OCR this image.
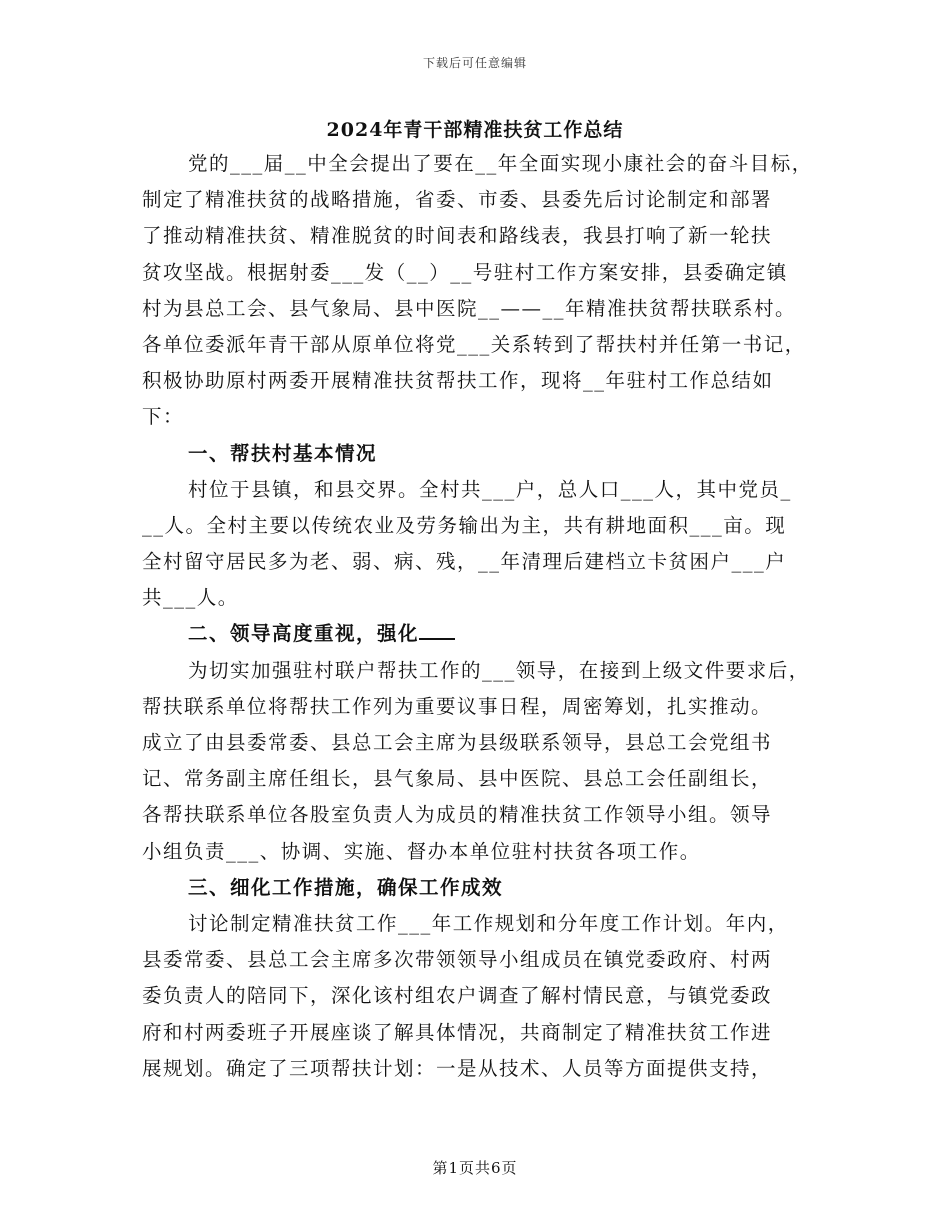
下载后可任意编辑
2024年青干部精准扶贫工作总结
党的___届__中全会提出了要在__年全面实现小康社会的奋斗目标，
制定了精准扶贫的战略措施，省委、市委、县委先后讨论制定和部署
了推动精准扶贫、精准脱贫的时间表和路线表，我县打响了新一轮扶
贫攻坚战。根据射委___发（__）__号驻村工作方案安排，县委确定镇
村为县总工会、县气象局、县中医院__——__年精准扶贫帮扶联系村。
各单位委派年青干部从原单位将党___关系转到了帮扶村并任第一书记，
积极协助原村两委开展精准扶贫帮扶工作，现将__年驻村工作总结如
下：
一、帮扶村基本情况
村位于县镇，和县交界。全村共___户，总人口___人，其中党员_
__人。全村主要以传统农业及劳务输出为主，共有耕地面积___亩。现
全村留守居民多为老、弱、病、残，__年清理后建档立卡贫困户___户
共___人。
二、领导高度重视，强化
为切实加强驻村联户帮扶工作的___领导，在接到上级文件要求后，
帮扶联系单位将帮扶工作列为重要议事日程，周密筹划，扎实推动。
成立了由县委常委、县总工会主席为县级联系领导，县总工会党组书
记、常务副主席任组长，县气象局、县中医院、县总工会任副组长，
各帮扶联系单位各股室负责人为成员的精准扶贫工作领导小组。领导
小组负责___、协调、实施、督办本单位驻村扶贫各项工作。
三、细化工作措施，确保工作成效
讨论制定精准扶贫工作___年工作规划和分年度工作计划。年内，
县委常委、县总工会主席多次带领领导小组成员在镇党委政府、村两
委负责人的陪同下，深化该村组农户调查了解村情民意，与镇党委政
府和村两委班子开展座谈了解具体情况，共商制定了精准扶贫工作进
展规划。确定了三项帮扶计划：一是从技术、人员等方面提供支持，
第1页共6页
